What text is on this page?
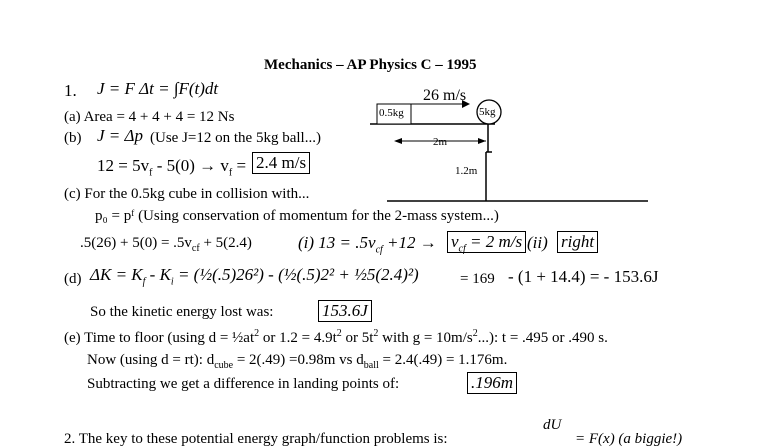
Mechanics – AP Physics C – 1995
1. J = F Δt = ∫F(t)dt
(a) Area = 4 + 4 + 4 = 12 Ns
(b) J = Δp (Use J=12 on the 5kg ball...)
$12 = 5v_f - 5(0) \to v_f = 2.4$ m/s
(c) For the 0.5kg cube in collision with...
p₀ = pᶠ (Using conservation of momentum for the 2-mass system...)
$.5(26) + 5(0) = .5v_{cf} + 5(2.4)$	(i) $13 = .5v_{cf} +12 \to v_{cf} = 2$ m/s (ii) right
(d) $\Delta K = K_f - K_i$ = (½(.5)26²) - (½(.5)2² + ½5(2.4)²)	= 169 - (1 + 14.4) = - 153.6J
So the kinetic energy lost was:	153.6J
(e) Time to floor (using $d = \frac{1}{2}at^2$ or $1.2 = 4.9t^2$ or $5t^2$ with $g = 10m/s^2$...): t = .495 or .490 s.
Now (using d = rt): $d_{cube} = 2(.49) =0.98m$ vs $d_{ball} = 2.4(.49) = 1.176m$.
Subtracting we get a difference in landing points of:	.196m
2. The key to these potential energy graph/function problems is:
dU
= F(x) (a biggie!)
0.5kg	5kg
26 m/s
2m
1.2m
